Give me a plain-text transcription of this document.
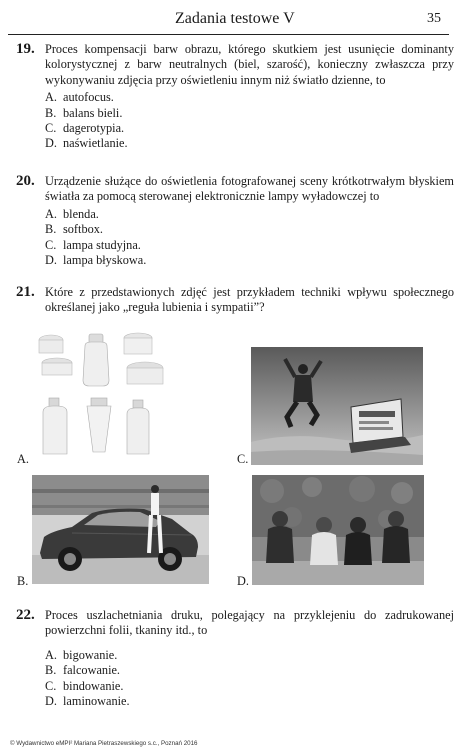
Zadania testowe V	35
19. Proces kompensacji barw obrazu, którego skutkiem jest usunięcie dominanty kolorystycznej z barw neutralnych (biel, szarość), konieczny zwłaszcza przy wykonywaniu zdjęcia przy oświetleniu innym niż światło dzienne, to
A. autofocus.
B. balans bieli.
C. dagerotypia.
D. naświetlanie.
20. Urządzenie służące do oświetlenia fotografowanej sceny krótkotrwałym błyskiem światła za pomocą sterowanej elektronicznie lampy wyładowczej to
A. blenda.
B. softbox.
C. lampa studyjna.
D. lampa błyskowa.
21. Które z przedstawionych zdjęć jest przykładem techniki wpływu społecznego określanej jako „reguła lubienia i sympatii”?
A.	C.
B.	D.
22. Proces uszlachetniania druku, polegający na przyklejeniu do zadrukowanej powierzchni folii, tkaniny itd., to
A. bigowanie.
B. falcowanie.
C. bindowanie.
D. laminowanie.
© Wydawnictwo eMPI² Mariana Pietraszewskiego s.c., Poznań 2016
